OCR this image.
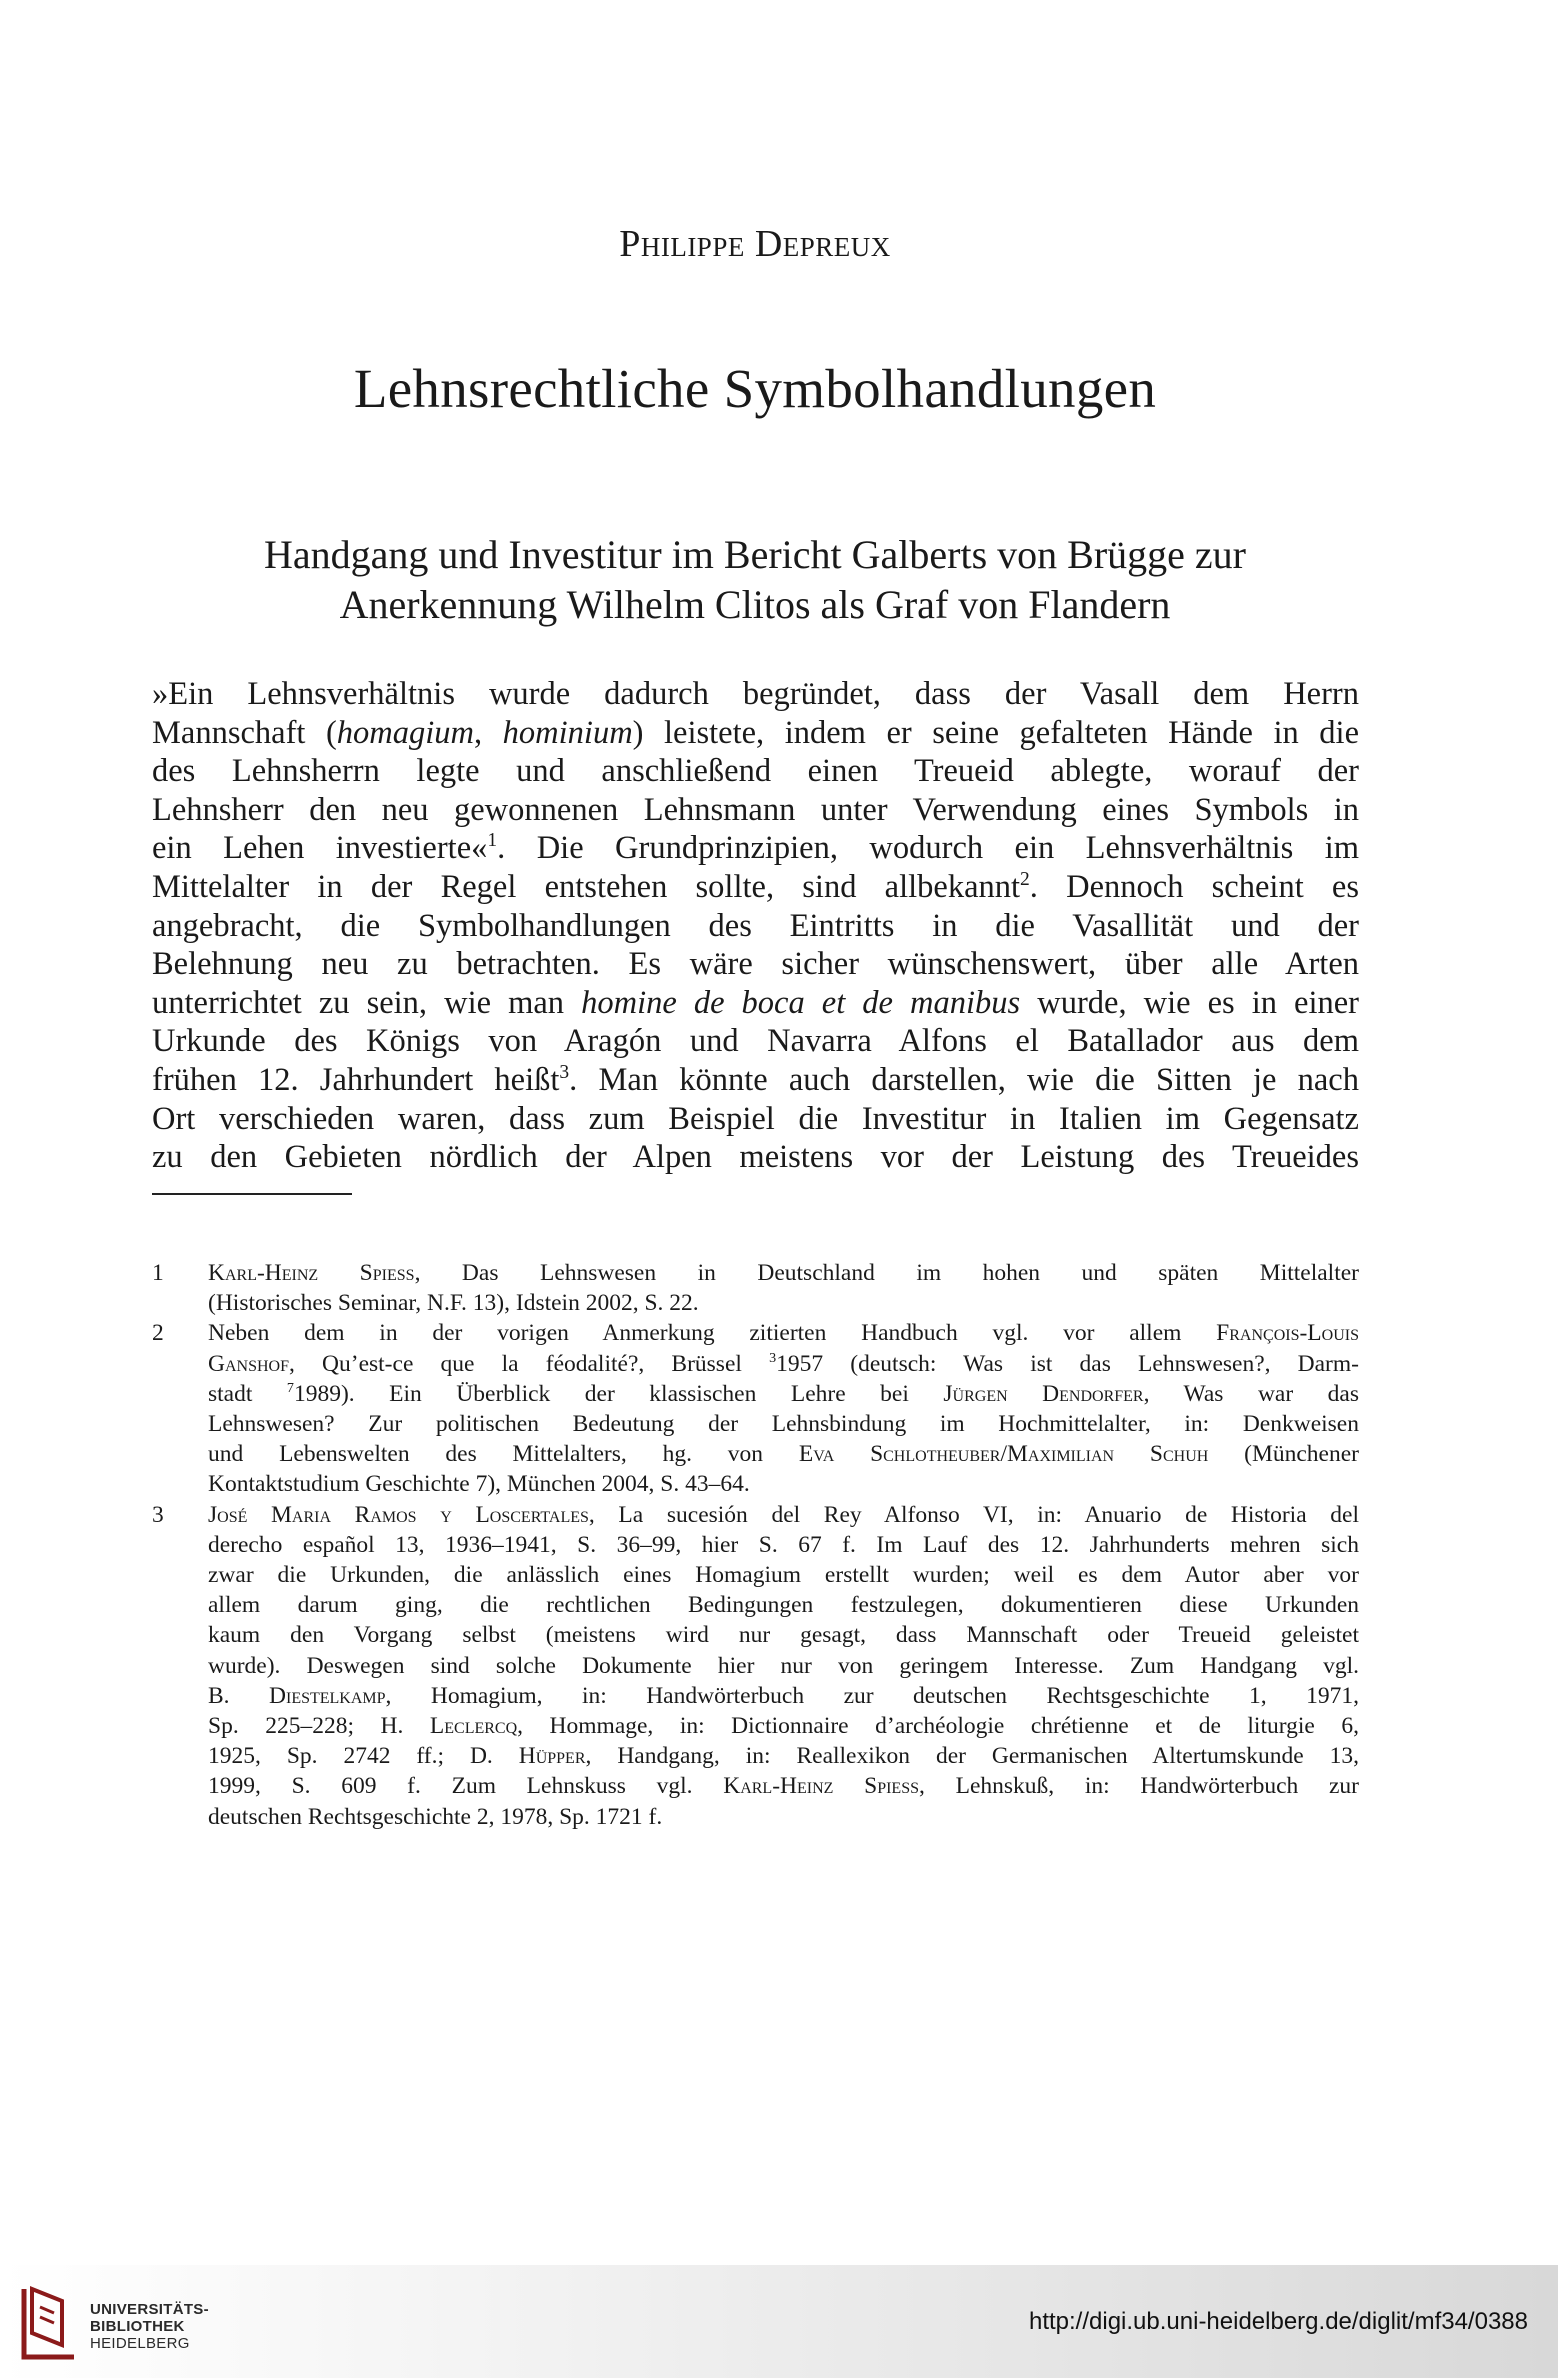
Philippe Depreux
Lehnsrechtliche Symbolhandlungen
Handgang und Investitur im Bericht Galberts von Brügge zur
Anerkennung Wilhelm Clitos als Graf von Flandern
»Ein Lehnsverhältnis wurde dadurch begründet, dass der Vasall dem Herrn
Mannschaft (homagium, hominium) leistete, indem er seine gefalteten Hände in die
des Lehnsherrn legte und anschließend einen Treueid ablegte, worauf der
Lehnsherr den neu gewonnenen Lehnsmann unter Verwendung eines Symbols in
ein Lehen investierte«$^1$. Die Grundprinzipien, wodurch ein Lehnsverhältnis im
Mittelalter in der Regel entstehen sollte, sind allbekannt$^2$. Dennoch scheint es
angebracht, die Symbolhandlungen des Eintritts in die Vasallität und der
Belehnung neu zu betrachten. Es wäre sicher wünschenswert, über alle Arten
unterrichtet zu sein, wie man homine de boca et de manibus wurde, wie es in einer
Urkunde des Königs von Aragón und Navarra Alfons el Batallador aus dem
frühen 12. Jahrhundert heißt$^3$. Man könnte auch darstellen, wie die Sitten je nach
Ort verschieden waren, dass zum Beispiel die Investitur in Italien im Gegensatz
zu den Gebieten nördlich der Alpen meistens vor der Leistung des Treueides
1 Karl-Heinz Spiess, Das Lehnswesen in Deutschland im hohen und späten Mittelalter
(Historisches Seminar, N.F. 13), Idstein 2002, S. 22.
2 Neben dem in der vorigen Anmerkung zitierten Handbuch vgl. vor allem François-Louis
Ganshof, Qu’est-ce que la féodalité?, Brüssel $^3$1957 (deutsch: Was ist das Lehnswesen?, Darm-
stadt $^7$1989). Ein Überblick der klassischen Lehre bei Jürgen Dendorfer, Was war das
Lehnswesen? Zur politischen Bedeutung der Lehnsbindung im Hochmittelalter, in: Denkweisen
und Lebenswelten des Mittelalters, hg. von Eva Schlotheuber/Maximilian Schuh (Münchener
Kontaktstudium Geschichte 7), München 2004, S. 43–64.
3 José Maria Ramos y Loscertales, La sucesión del Rey Alfonso VI, in: Anuario de Historia del
derecho español 13, 1936–1941, S. 36–99, hier S. 67 f. Im Lauf des 12. Jahrhunderts mehren sich
zwar die Urkunden, die anlässlich eines Homagium erstellt wurden; weil es dem Autor aber vor
allem darum ging, die rechtlichen Bedingungen festzulegen, dokumentieren diese Urkunden
kaum den Vorgang selbst (meistens wird nur gesagt, dass Mannschaft oder Treueid geleistet
wurde). Deswegen sind solche Dokumente hier nur von geringem Interesse. Zum Handgang vgl.
B. Diestelkamp, Homagium, in: Handwörterbuch zur deutschen Rechtsgeschichte 1, 1971,
Sp. 225–228; H. Leclercq, Hommage, in: Dictionnaire d’archéologie chrétienne et de liturgie 6,
1925, Sp. 2742 ff.; D. Hüpper, Handgang, in: Reallexikon der Germanischen Altertumskunde 13,
1999, S. 609 f. Zum Lehnskuss vgl. Karl-Heinz Spiess, Lehnskuß, in: Handwörterbuch zur
deutschen Rechtsgeschichte 2, 1978, Sp. 1721 f.
UNIVERSITÄTS-
BIBLIOTHEK
HEIDELBERG
http://digi.ub.uni-heidelberg.de/diglit/mf34/0388
